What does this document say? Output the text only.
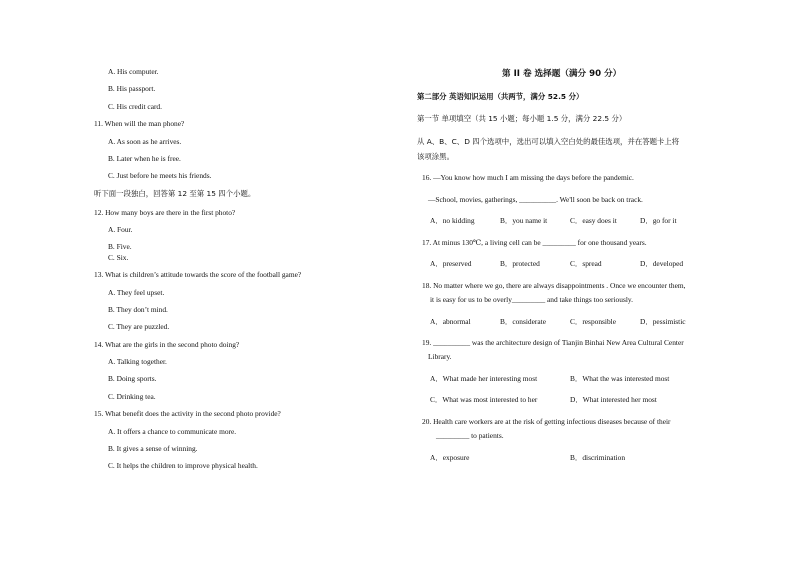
A. His computer.
B. His passport.
C. His credit card.
11. When will the man phone?
A. As soon as he arrives.
B. Later when he is free.
C. Just before he meets his friends.
听下面一段独白，回答第 12 至第 15 四个小题。
12. How many boys are there in the first photo?
A. Four.
B. Five.
C. Six.
13. What is children’s attitude towards the score of the football game?
A. They feel upset.
B. They don’t mind.
C. They are puzzled.
14. What are the girls in the second photo doing?
A. Talking together.
B. Doing sports.
C. Drinking tea.
15. What benefit does the activity in the second photo provide?
A. It offers a chance to communicate more.
B. It gives a sense of winning.
C. It helps the children to improve physical health.
第 II 卷 选择题（满分 90 分）
第二部分 英语知识运用（共两节，满分 52.5 分）
第一节 单项填空（共 15 小题；每小题 1.5 分，满分 22.5 分）
从 A、B、C、D 四个选项中，选出可以填入空白处的最佳选项，并在答题卡上将
该项涂黑。
16. —You know how much I am missing the days before the pandemic.
—School, movies, gatherings, __________. We'll soon be back on track.
A．no kidding	B．you name it	C．easy does it	D．go for it
17. At minus 130℃, a living cell can be _________ for one thousand years.
A．preserved	B．protected	C．spread	D．developed
18. No matter where we go, there are always disappointments . Once we encounter them,
it is easy for us to be overly_________ and take things too seriously.
A．abnormal	B．considerate	C．responsible	D．pessimistic
19. __________ was the architecture design of Tianjin Binhai New Area Cultural Center
Library.
A．What made her interesting most	B．What the was interested most
C．What was most interested to her	D．What interested her most
20. Health care workers are at the risk of getting infectious diseases because of their
_________ to patients.
A．exposure	B．discrimination
